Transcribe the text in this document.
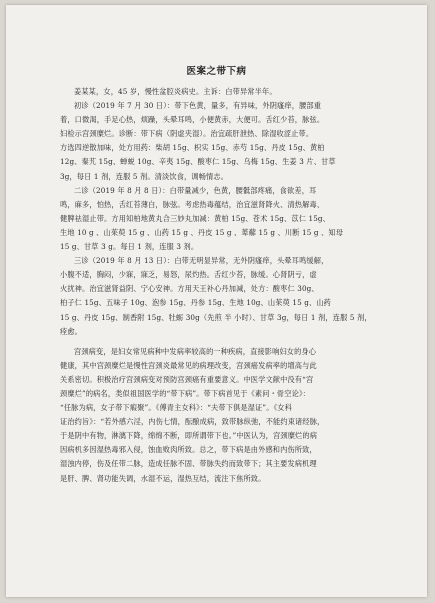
医案之带下病
姜某某，女，45 岁，慢性盆腔炎病史。主诉：白带异常半年。
初诊（2019 年 7 月 30 日）：带下色黄，量多，有异味，外阴瘙痒，腰部重
着，口微渴，手足心热，烦躁，头晕耳鸣，小便黄赤，大便可。舌红少苔，脉弦。
妇检示宫颈糜烂。诊断：带下病（阴虚夹湿）。治宜疏肝泄热、除湿收涩止带。
方选四逆散加味，处方用药：柴胡 15g、枳实 15g、赤芍 15g、丹皮 15g、黄柏
12g、秦艽 15g、蝉蜕 10g、辛夷 15g、酸枣仁 15g、乌梅 15g、生姜 3 片、甘草
3g，每日 1 剂，连服 5 剂。清淡饮食，调畅情志。
二诊（2019 年 8 月 8 日）：白带量减少，色黄，腰骶部疼痛，食欲差，耳
鸣，麻多，怕热，舌红苔薄白，脉弦。考虑热毒蕴结，治宜滋肾降火、清热解毒、
健脾祛湿止带。方用知柏地黄丸合三妙丸加减：黄柏 15g、苍术 15g、苡仁 15g、
生地 10 g 、山茱萸 15 g 、山药 15 g 、丹皮 15 g 、萆薢 15 g 、川断 15 g 、知母
15 g、甘草 3 g。每日 1 剂，连服 3 剂。
三诊（2019 年 8 月 13 日）：白带无明显异常，无外阴瘙痒，头晕耳鸣缓解，
小腹不适，胸闷，少寐，寐乏，易怒，尿灼热。舌红少苔，脉缓。心肾阴亏，虚
火扰神。治宜滋肾益阴、宁心安神。方用天王补心丹加减，处方：酸枣仁 30g、
柏子仁 15g、五味子 10g、泡参 15g、丹参 15g、生地 10g、山茱萸 15 g、山药
15 g、丹皮 15g、制香附 15g、牡蛎 30g（先煎 半 小时）、甘草 3g，每日 1 剂，连服 5 剂，
痊愈。
宫颈病变，是妇女常见病种中发病率较高的一种疾病，直接影响妇女的身心
健康，其中宫颈糜烂是慢性宫颈炎最常见的病理改变，宫颈癌发病率的增高与此
关系密切。积极治疗宫颈病变对预防宫颈癌有重要意义。中医学文献中没有“宫
颈糜烂”的病名，类似祖国医学的“带下病”。带下病首见于《素问・骨空论》：
“任脉为病，女子带下瘕聚”。《傅青主女科》：“夫带下俱是湿证”。《女科
证治约旨》：“若外感六淫，内伤七情，酝酿成病，致带脉纵弛，不能约束诸经脉，
于是阴中有物，淋漓下降，绵绵不断，即所谓带下也。”中医认为，宫颈糜烂的病
因病机多因湿热毒邪入侵，蚀血败肉所致。总之，带下病是由外感和内伤所致，
湿浊内停，伤及任带二脉，造成任脉不固、带脉失约而致带下；其主要发病机理
是肝、脾、肾功能失调，水湿不运，湿热互结，流注下焦所致。
